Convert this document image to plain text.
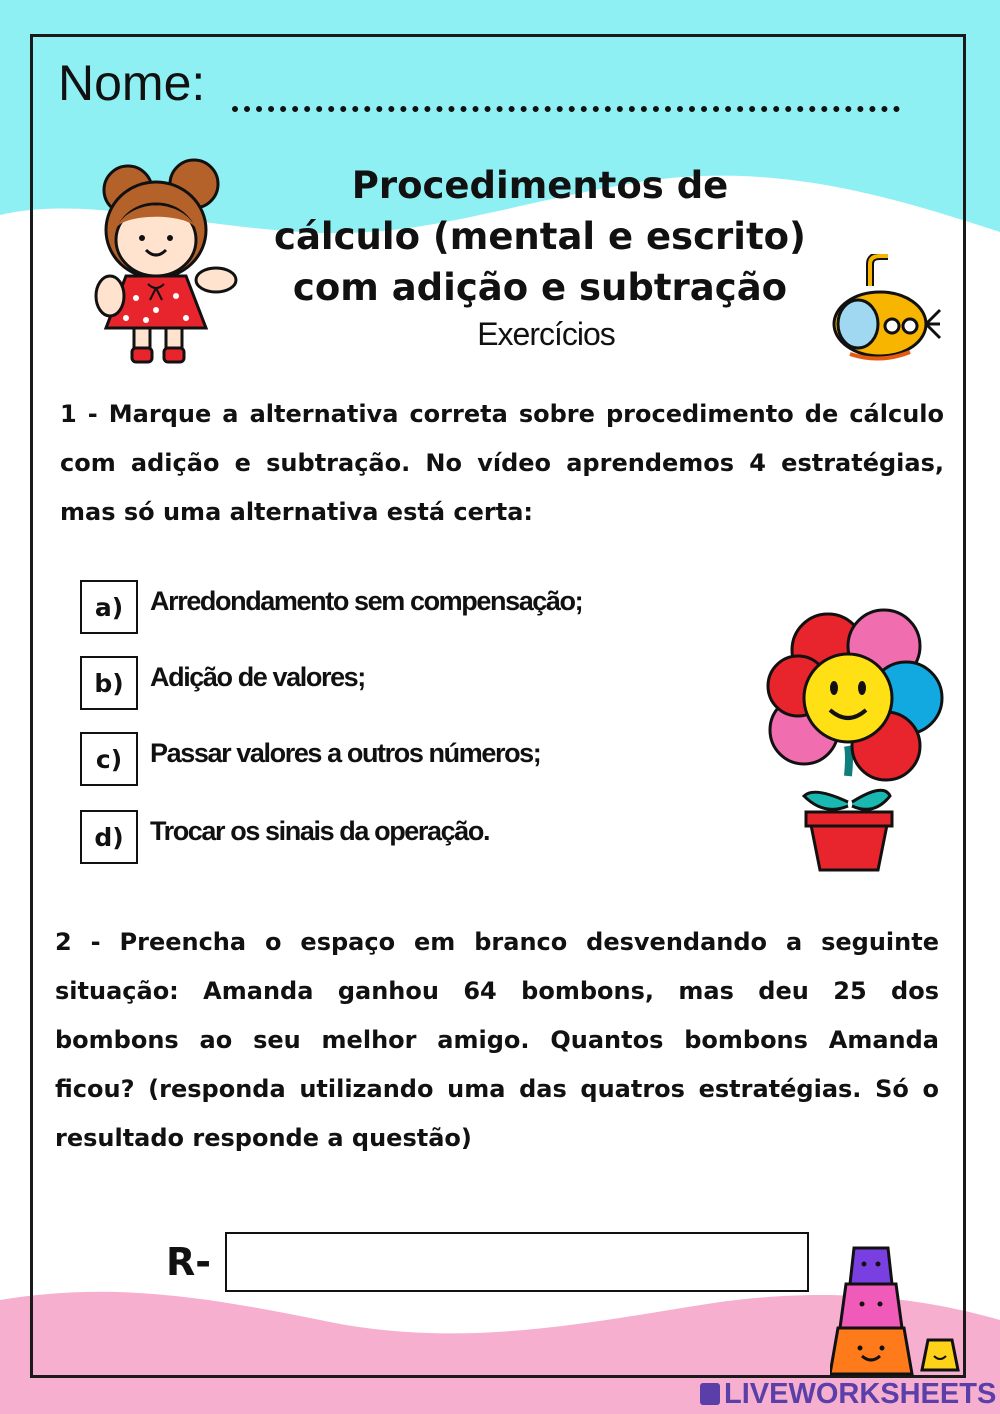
Nome:
Procedimentos de
cálculo (mental e escrito)
com adição e subtração
Exercícios
1 - Marque a alternativa correta sobre procedimento de cálculo com adição e subtração. No vídeo aprendemos 4 estratégias, mas só uma alternativa está certa:
a) Arredondamento sem compensação;
b) Adição de valores;
c)	Passar valores a outros números;
d) Trocar os sinais da operação.
2 - Preencha o espaço em branco desvendando a seguinte situação: Amanda ganhou 64 bombons, mas deu 25 dos bombons ao seu melhor amigo. Quantos bombons Amanda ficou? (responda utilizando uma das quatros estratégias. Só o resultado responde a questão)
R-
LIVEWORKSHEETS
